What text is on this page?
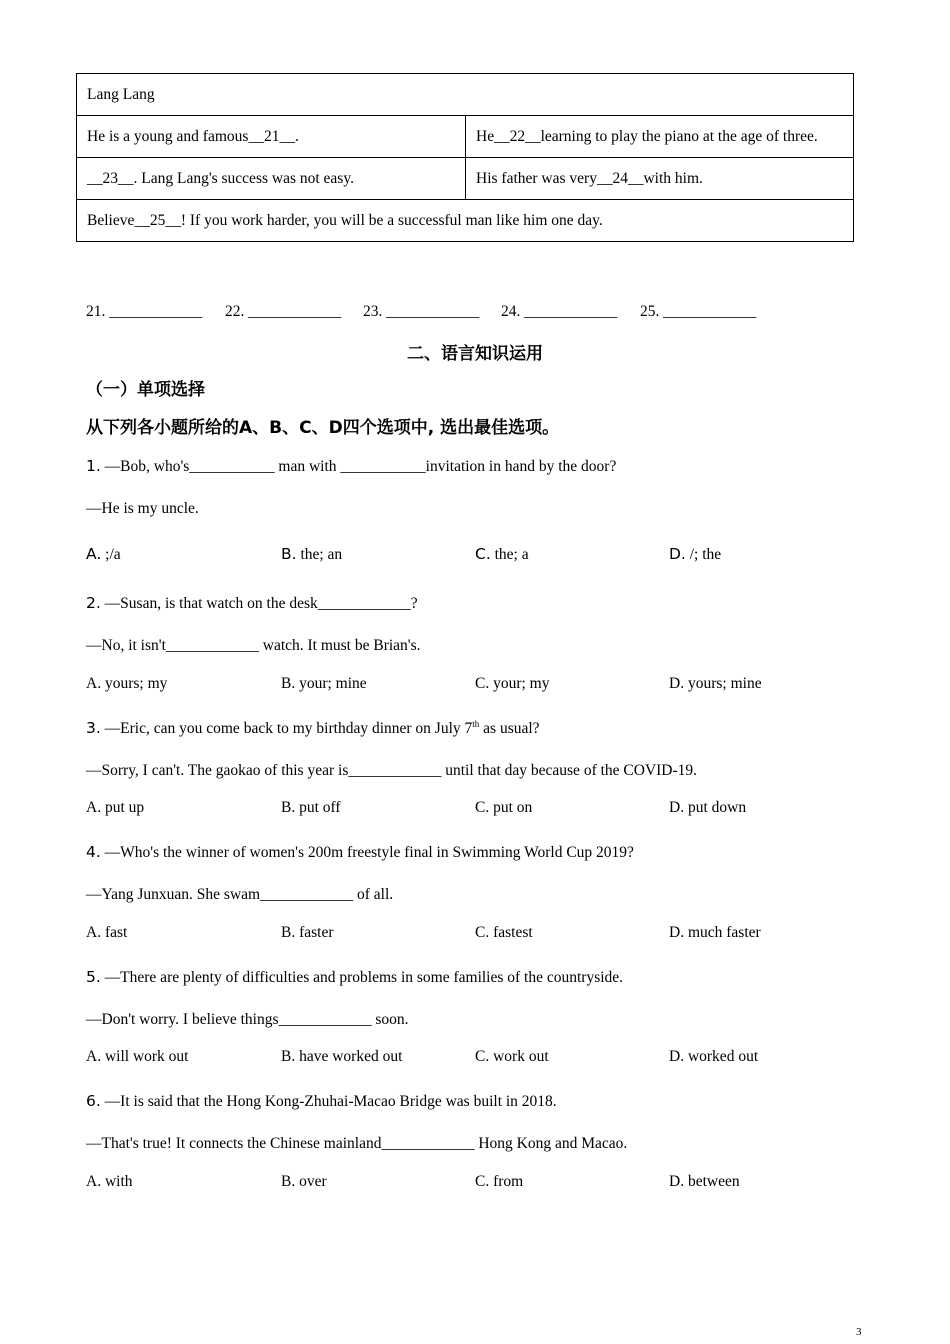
Lang Lang	
He is a young and famous__21__.	He__22__learning to play the piano at the age of three.
__23__. Lang Lang's success was not easy.	His father was very__24__with him.
Believe__25__! If you work harder, you will be a successful man like him one day.	
21. ____________ 22. ____________ 23. ____________ 24. ____________ 25. ____________
二、语言知识运用
（一）单项选择
从下列各小题所给的A、B、C、D四个选项中, 选出最佳选项。
1. —Bob, who's___________ man with ___________invitation in hand by the door?
—He is my uncle.
A. ;/a	B. the; an	C. the; a	D. /; the
2. —Susan, is that watch on the desk____________?
—No, it isn't____________ watch. It must be Brian's.
A. yours; my	B. your; mine	C. your; my	D. yours; mine
3. —Eric, can you come back to my birthday dinner on July 7th as usual?
—Sorry, I can't. The gaokao of this year is____________ until that day because of the COVID-19.
A. put up	B. put off	C. put on	D. put down
4. —Who's the winner of women's 200m freestyle final in Swimming World Cup 2019?
—Yang Junxuan. She swam____________ of all.
A. fast	B. faster	C. fastest	D. much faster
5. —There are plenty of difficulties and problems in some families of the countryside.
—Don't worry. I believe things____________ soon.
A. will work out	B. have worked out	C. work out	D. worked out
6. —It is said that the Hong Kong-Zhuhai-Macao Bridge was built in 2018.
—That's true! It connects the Chinese mainland____________ Hong Kong and Macao.
A. with	B. over	C. from	D. between
3
